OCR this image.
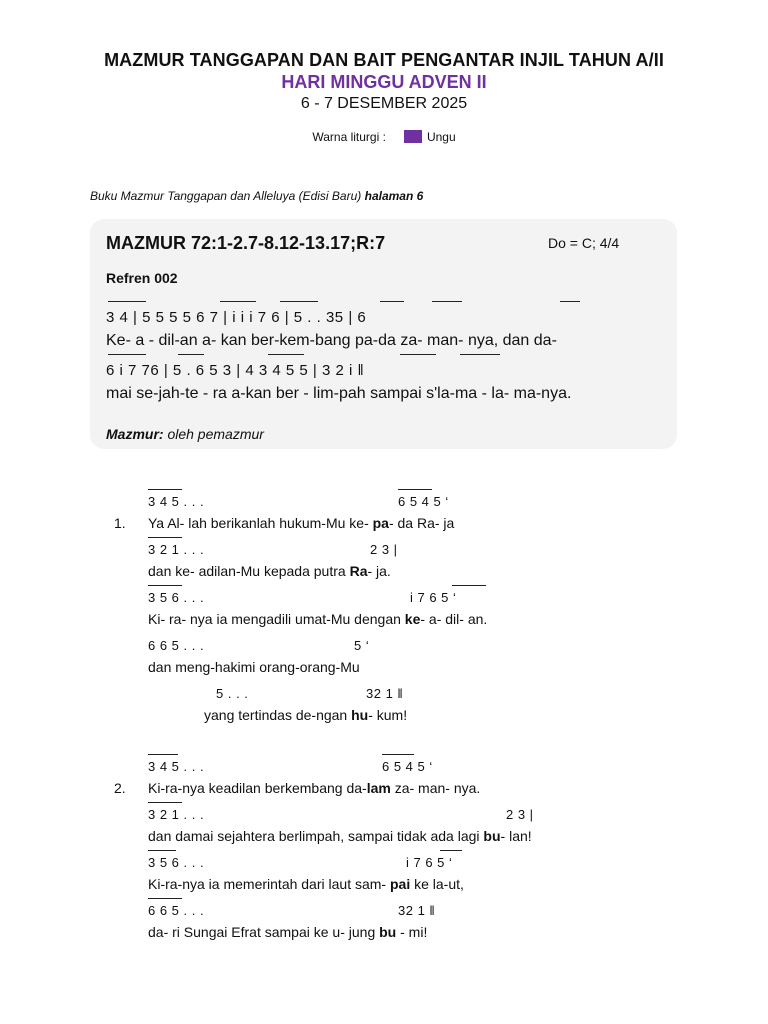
MAZMUR TANGGAPAN DAN BAIT PENGANTAR INJIL TAHUN A/II
HARI MINGGU ADVEN II
6 - 7 DESEMBER 2025
Warna liturgi :	Ungu
Buku Mazmur Tanggapan dan Alleluya (Edisi Baru) halaman 6
MAZMUR 72:1-2.7-8.12-13.17;R:7	Do = C; 4/4
Refren 002
3 4 | 5 5 5 5 6 7 | i i i 7 6 | 5 . . 35 | 6
Ke- a - dil-an a- kan ber-kem-bang pa-da za- man- nya, dan da-
6 i 7 76 | 5 . 6 5 3 | 4 3 4 5 5 | 3 2 i ‖
mai se-jah-te - ra a-kan ber - lim-pah sampai s'la-ma - la- ma-nya.
Mazmur: oleh pemazmur
1.
3 4 5 . . .	6 5 4 5 ‘
Ya Al- lah berikanlah hukum-Mu ke- pa- da Ra- ja
3 2 1 . . .	2 3 |
dan ke- adilan-Mu kepada putra Ra- ja.
3 5 6 . . .	i 7 6 5 ‘
Ki- ra- nya ia mengadili umat-Mu dengan ke- a- dil- an.
6 6 5 . . .	5 ‘
dan meng-hakimi orang-orang-Mu
5 . . .	32 1 ‖
yang tertindas de-ngan hu- kum!
2.
3 4 5 . . .	6 5 4 5 ‘
Ki-ra-nya keadilan berkembang da-lam za- man- nya.
3 2 1 . . .	2 3 |
dan damai sejahtera berlimpah, sampai tidak ada lagi bu- lan!
3 5 6 . . .	i 7 6 5 ‘
Ki-ra-nya ia memerintah dari laut sam- pai ke la-ut,
6 6 5 . . .	32 1 ‖
da- ri Sungai Efrat sampai ke u- jung bu - mi!
